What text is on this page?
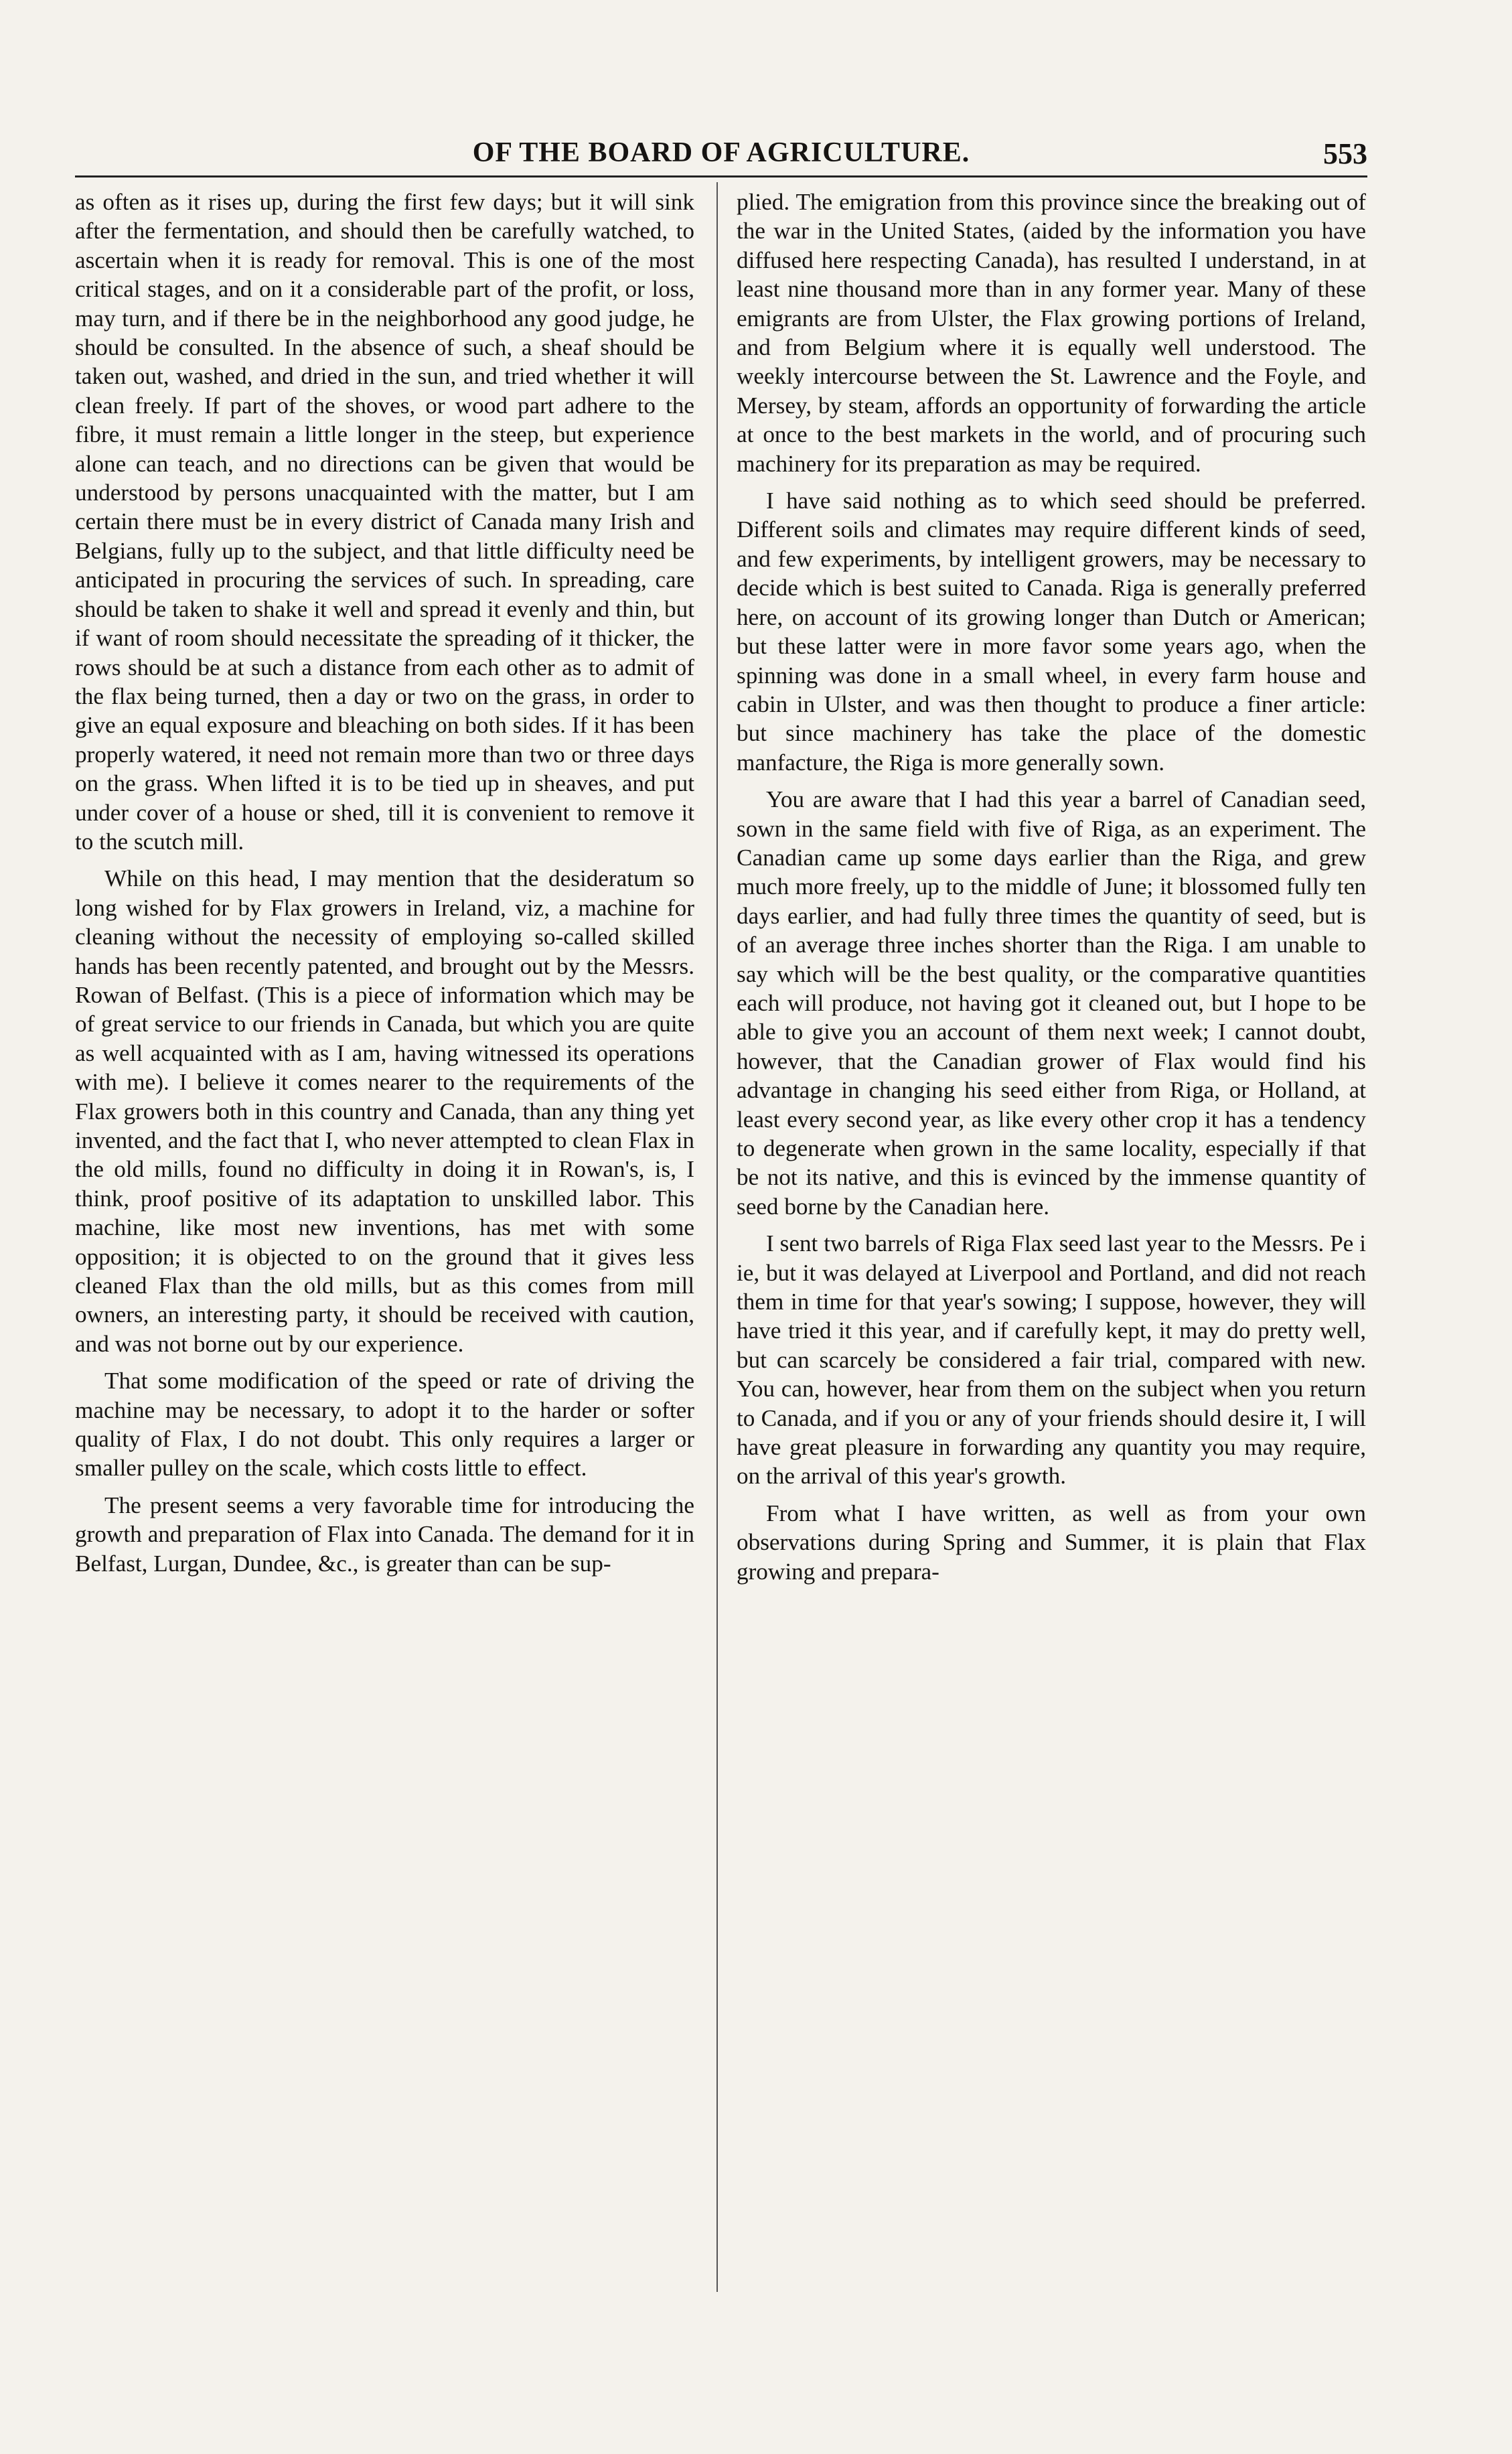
OF THE BOARD OF AGRICULTURE.	553

as often as it rises up, during the first few days; but it will sink after the fermentation, and should then be carefully watched, to ascertain when it is ready for removal. This is one of the most critical stages, and on it a considerable part of the profit, or loss, may turn, and if there be in the neighborhood any good judge, he should be consulted. In the absence of such, a sheaf should be taken out, washed, and dried in the sun, and tried whether it will clean freely. If part of the shoves, or wood part adhere to the fibre, it must remain a little longer in the steep, but experience alone can teach, and no directions can be given that would be understood by persons unacquainted with the matter, but I am certain there must be in every district of Canada many Irish and Belgians, fully up to the subject, and that little difficulty need be anticipated in procuring the services of such. In spreading, care should be taken to shake it well and spread it evenly and thin, but if want of room should necessitate the spreading of it thicker, the rows should be at such a distance from each other as to admit of the flax being turned, then a day or two on the grass, in order to give an equal exposure and bleaching on both sides. If it has been properly watered, it need not remain more than two or three days on the grass. When lifted it is to be tied up in sheaves, and put under cover of a house or shed, till it is convenient to remove it to the scutch mill.

While on this head, I may mention that the desideratum so long wished for by Flax growers in Ireland, viz, a machine for cleaning without the necessity of employing so-called skilled hands has been recently patented, and brought out by the Messrs. Rowan of Belfast. (This is a piece of information which may be of great service to our friends in Canada, but which you are quite as well acquainted with as I am, having witnessed its operations with me). I believe it comes nearer to the requirements of the Flax growers both in this country and Canada, than any thing yet invented, and the fact that I, who never attempted to clean Flax in the old mills, found no difficulty in doing it in Rowan's, is, I think, proof positive of its adaptation to unskilled labor. This machine, like most new inventions, has met with some opposition; it is objected to on the ground that it gives less cleaned Flax than the old mills, but as this comes from mill owners, an interesting party, it should be received with caution, and was not borne out by our experience.

That some modification of the speed or rate of driving the machine may be necessary, to adopt it to the harder or softer quality of Flax, I do not doubt. This only requires a larger or smaller pulley on the scale, which costs little to effect.

The present seems a very favorable time for introducing the growth and preparation of Flax into Canada. The demand for it in Belfast, Lurgan, Dundee, &c., is greater than can be sup-

plied. The emigration from this province since the breaking out of the war in the United States, (aided by the information you have diffused here respecting Canada), has resulted I understand, in at least nine thousand more than in any former year. Many of these emigrants are from Ulster, the Flax growing portions of Ireland, and from Belgium where it is equally well understood. The weekly intercourse between the St. Lawrence and the Foyle, and Mersey, by steam, affords an opportunity of forwarding the article at once to the best markets in the world, and of procuring such machinery for its preparation as may be required.

I have said nothing as to which seed should be preferred. Different soils and climates may require different kinds of seed, and few experiments, by intelligent growers, may be necessary to decide which is best suited to Canada. Riga is generally preferred here, on account of its growing longer than Dutch or American; but these latter were in more favor some years ago, when the spinning was done in a small wheel, in every farm house and cabin in Ulster, and was then thought to produce a finer article: but since machinery has take the place of the domestic manfacture, the Riga is more generally sown.

You are aware that I had this year a barrel of Canadian seed, sown in the same field with five of Riga, as an experiment. The Canadian came up some days earlier than the Riga, and grew much more freely, up to the middle of June; it blossomed fully ten days earlier, and had fully three times the quantity of seed, but is of an average three inches shorter than the Riga. I am unable to say which will be the best quality, or the comparative quantities each will produce, not having got it cleaned out, but I hope to be able to give you an account of them next week; I cannot doubt, however, that the Canadian grower of Flax would find his advantage in changing his seed either from Riga, or Holland, at least every second year, as like every other crop it has a tendency to degenerate when grown in the same locality, especially if that be not its native, and this is evinced by the immense quantity of seed borne by the Canadian here.

I sent two barrels of Riga Flax seed last year to the Messrs. Pe i ie, but it was delayed at Liverpool and Portland, and did not reach them in time for that year's sowing; I suppose, however, they will have tried it this year, and if carefully kept, it may do pretty well, but can scarcely be considered a fair trial, compared with new. You can, however, hear from them on the subject when you return to Canada, and if you or any of your friends should desire it, I will have great pleasure in forwarding any quantity you may require, on the arrival of this year's growth.

From what I have written, as well as from your own observations during Spring and Summer, it is plain that Flax growing and prepara-
